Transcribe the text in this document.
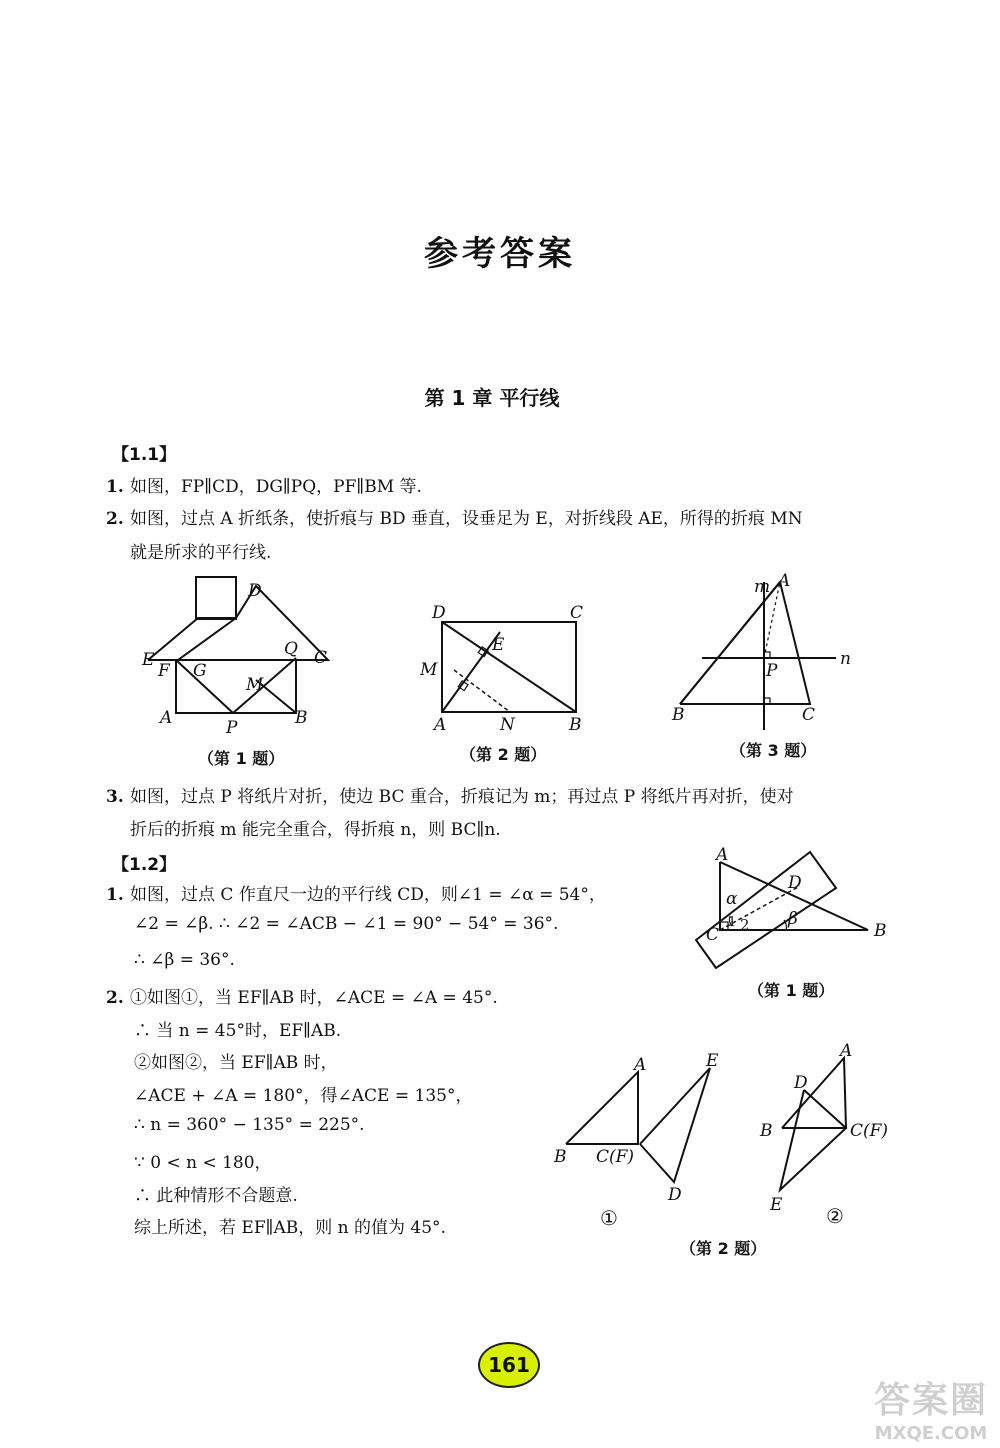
参考答案
第 1 章 平行线
【1.1】
1. 如图，FP∥CD，DG∥PQ，PF∥BM 等.
2. 如图，过点 A 折纸条，使折痕与 BD 垂直，设垂足为 E，对折线段 AE，所得的折痕 MN
就是所求的平行线.
D
E
F G
Q C
M
A	P	B
（第 1 题）
D	C
E
M
A	N	B
（第 2 题）
m A
n
P
B	C
（第 3 题）
3. 如图，过点 P 将纸片对折，使边 BC 重合，折痕记为 m；再过点 P 将纸片再对折，使对
折后的折痕 m 能完全重合，得折痕 n，则 BC∥n.
【1.2】
1. 如图，过点 C 作直尺一边的平行线 CD，则∠1 = ∠α = 54°，
∠2 = ∠β. ∴ ∠2 = ∠ACB − ∠1 = 90° − 54° = 36°.
∴ ∠β = 36°.
A
α
D
1 2 β
C	B
（第 1 题）
2. ①如图①，当 EF∥AB 时，∠ACE = ∠A = 45°.
∴ 当 n = 45°时，EF∥AB.
②如图②，当 EF∥AB 时，
∠ACE + ∠A = 180°，得∠ACE = 135°，
∴ n = 360° − 135° = 225°.
∵ 0 < n < 180，
∴ 此种情形不合题意.
综上所述，若 EF∥AB，则 n 的值为 45°.
A	E
B C(F)
D
①
A
D
B	C(F)
E ②
（第 2 题）
161
答案圈
MXQE.COM
